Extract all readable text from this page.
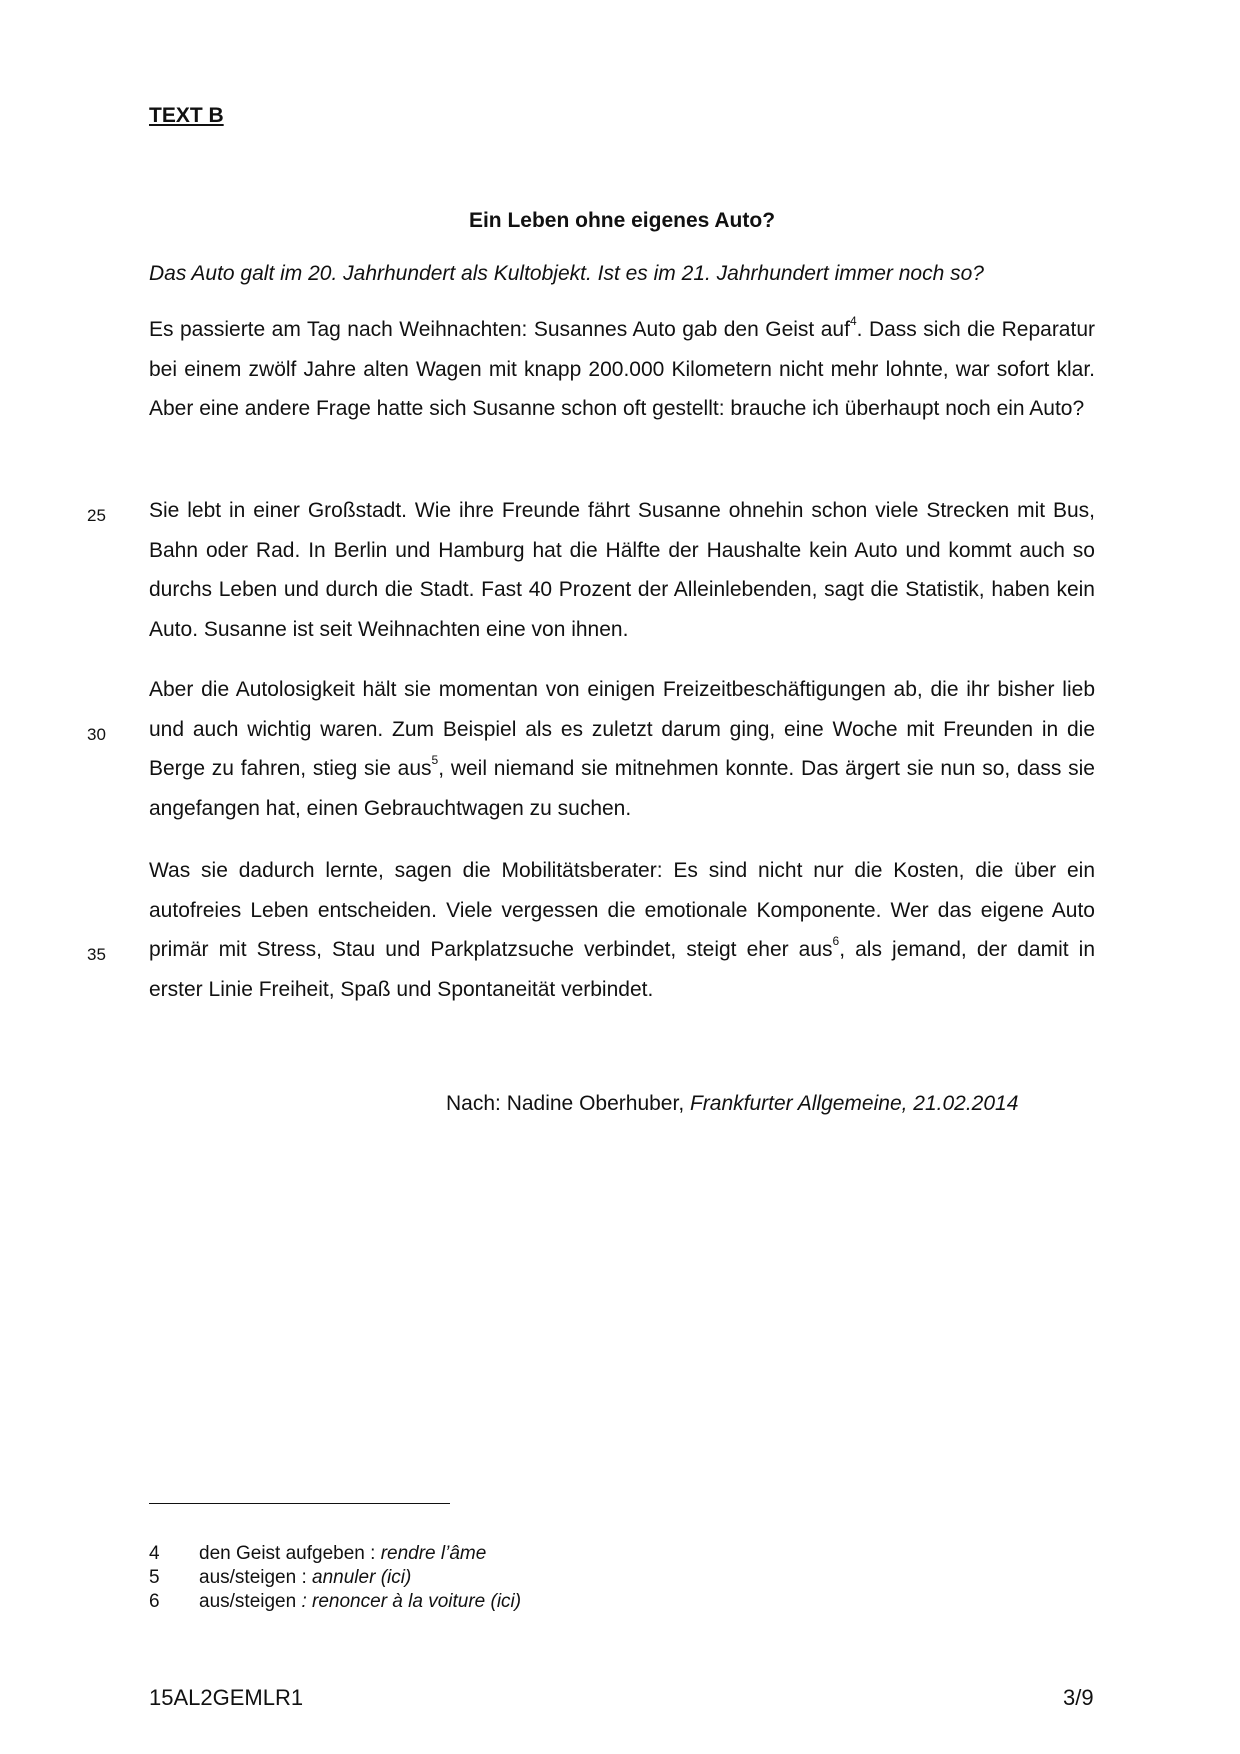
TEXT B

Ein Leben ohne eigenes Auto?

Das Auto galt im 20. Jahrhundert als Kultobjekt. Ist es im 21. Jahrhundert immer noch so?

Es passierte am Tag nach Weihnachten: Susannes Auto gab den Geist auf$^4$. Dass sich die Reparatur bei einem zwölf Jahre alten Wagen mit knapp 200.000 Kilometern nicht mehr lohnte, war sofort klar. Aber eine andere Frage hatte sich Susanne schon oft gestellt: brauche ich überhaupt noch ein Auto?

Sie lebt in einer Großstadt. Wie ihre Freunde fährt Susanne ohnehin schon viele Strecken mit Bus, Bahn oder Rad. In Berlin und Hamburg hat die Hälfte der Haushalte kein Auto und kommt auch so durchs Leben und durch die Stadt. Fast 40 Prozent der Alleinlebenden, sagt die Statistik, haben kein Auto. Susanne ist seit Weihnachten eine von ihnen.

Aber die Autolosigkeit hält sie momentan von einigen Freizeitbeschäftigungen ab, die ihr bisher lieb und auch wichtig waren. Zum Beispiel als es zuletzt darum ging, eine Woche mit Freunden in die Berge zu fahren, stieg sie aus$^5$, weil niemand sie mitnehmen konnte. Das ärgert sie nun so, dass sie angefangen hat, einen Gebrauchtwagen zu suchen.

Was sie dadurch lernte, sagen die Mobilitätsberater: Es sind nicht nur die Kosten, die über ein autofreies Leben entscheiden. Viele vergessen die emotionale Komponente. Wer das eigene Auto primär mit Stress, Stau und Parkplatzsuche verbindet, steigt eher aus$^6$, als jemand, der damit in erster Linie Freiheit, Spaß und Spontaneität verbindet.

25

30

35

Nach: Nadine Oberhuber, Frankfurter Allgemeine, 21.02.2014

4 den Geist aufgeben : rendre l’âme
5 aus/steigen : annuler (ici)
6 aus/steigen : renoncer à la voiture (ici)

15AL2GEMLR1	3/9
